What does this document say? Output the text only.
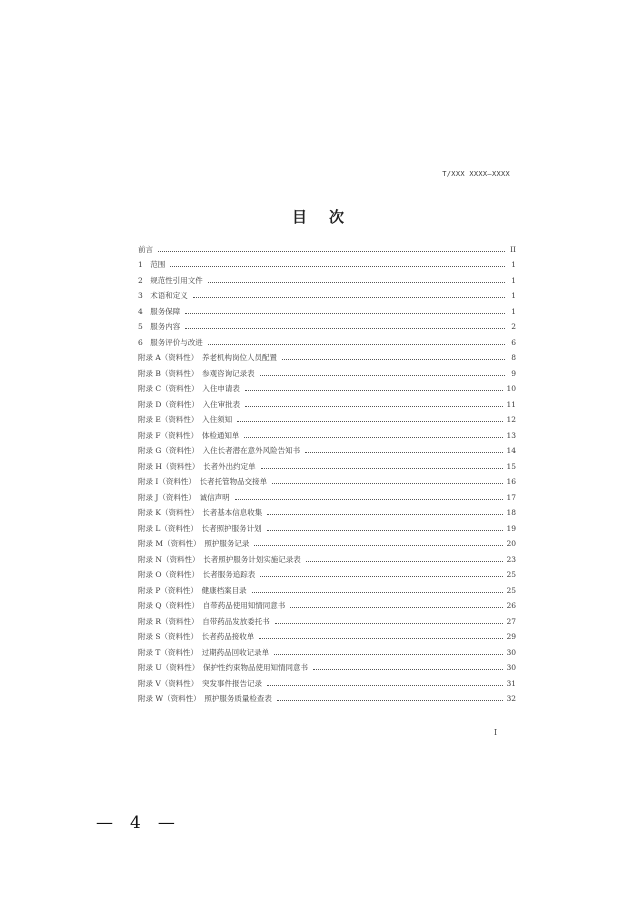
T/XXX XXXX—XXXX
目次
前言	II
1　范围	1
2　规范性引用文件	1
3　术语和定义	1
4　服务保障	1
5　服务内容	2
6　服务评价与改进	6
附录 A（资料性）　养老机构岗位人员配置	8
附录 B（资料性）　参观咨询记录表	9
附录 C（资料性）　入住申请表	10
附录 D（资料性）　入住审批表	11
附录 E（资料性）　入住须知	12
附录 F（资料性）　体检通知单	13
附录 G（资料性）　入住长者潜在意外风险告知书	14
附录 H（资料性）　长者外出约定单	15
附录 I（资料性）　长者托管物品交接单	16
附录 J（资料性）　诚信声明	17
附录 K（资料性）　长者基本信息收集	18
附录 L（资料性）　长者照护服务计划	19
附录 M（资料性）　照护服务记录	20
附录 N（资料性）　长者照护服务计划实施记录表	23
附录 O（资料性）　长者服务追踪表	25
附录 P（资料性）　健康档案目录	25
附录 Q（资料性）　自带药品使用知情同意书	26
附录 R（资料性）　自带药品发放委托书	27
附录 S（资料性）　长者药品接收单	29
附录 T（资料性）　过期药品回收记录单	30
附录 U（资料性）　保护性约束物品使用知情同意书	30
附录 V（资料性）　突发事件报告记录	31
附录 W（资料性）　照护服务质量检查表	32
I
—　4　—
